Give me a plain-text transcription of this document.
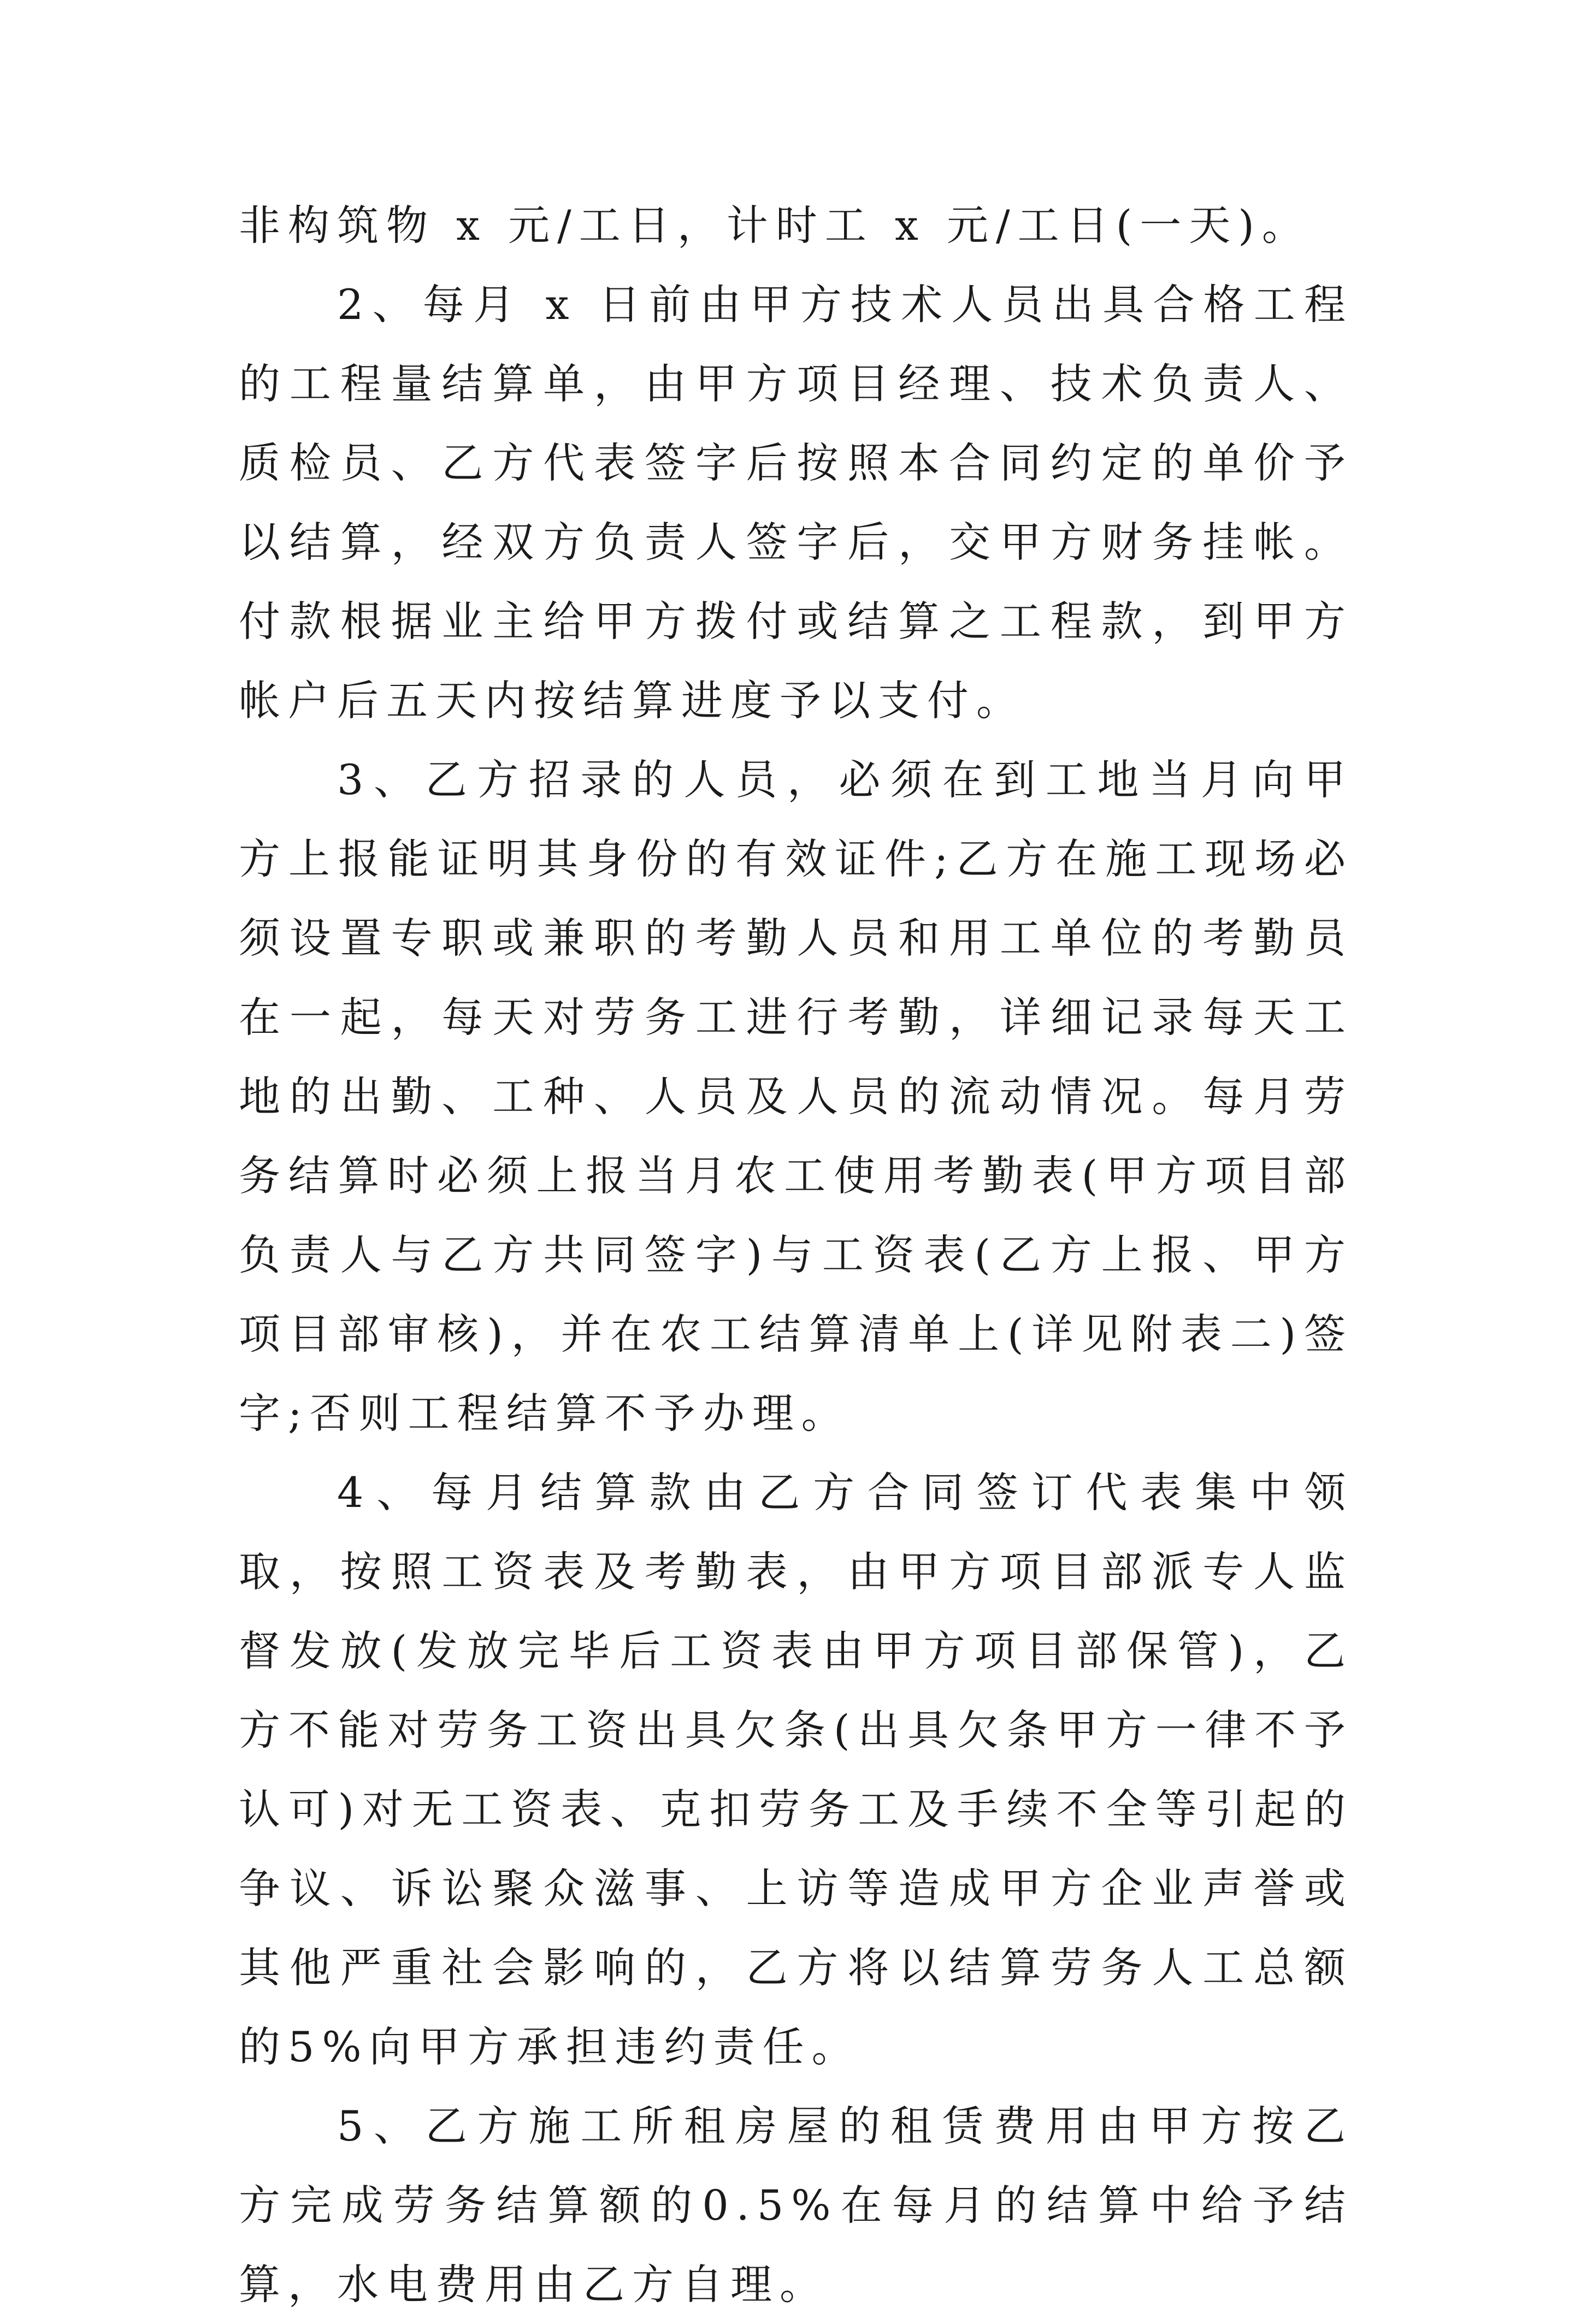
非构筑物 x 元/工日，计时工 x 元/工日(一天)。

2、每月 x 日前由甲方技术人员出具合格工程的工程量结算单，由甲方项目经理、技术负责人、质检员、乙方代表签字后按照本合同约定的单价予以结算，经双方负责人签字后，交甲方财务挂帐。付款根据业主给甲方拨付或结算之工程款，到甲方帐户后五天内按结算进度予以支付。

3、乙方招录的人员，必须在到工地当月向甲方上报能证明其身份的有效证件;乙方在施工现场必须设置专职或兼职的考勤人员和用工单位的考勤员在一起，每天对劳务工进行考勤，详细记录每天工地的出勤、工种、人员及人员的流动情况。每月劳务结算时必须上报当月农工使用考勤表(甲方项目部负责人与乙方共同签字)与工资表(乙方上报、甲方项目部审核)，并在农工结算清单上(详见附表二)签字;否则工程结算不予办理。

4、每月结算款由乙方合同签订代表集中领取，按照工资表及考勤表，由甲方项目部派专人监督发放(发放完毕后工资表由甲方项目部保管)，乙方不能对劳务工资出具欠条(出具欠条甲方一律不予认可)对无工资表、克扣劳务工及手续不全等引起的争议、诉讼聚众滋事、上访等造成甲方企业声誉或其他严重社会影响的，乙方将以结算劳务人工总额的5%向甲方承担违约责任。

5、乙方施工所租房屋的租赁费用由甲方按乙方完成劳务结算额的0.5%在每月的结算中给予结算，水电费用由乙方自理。
